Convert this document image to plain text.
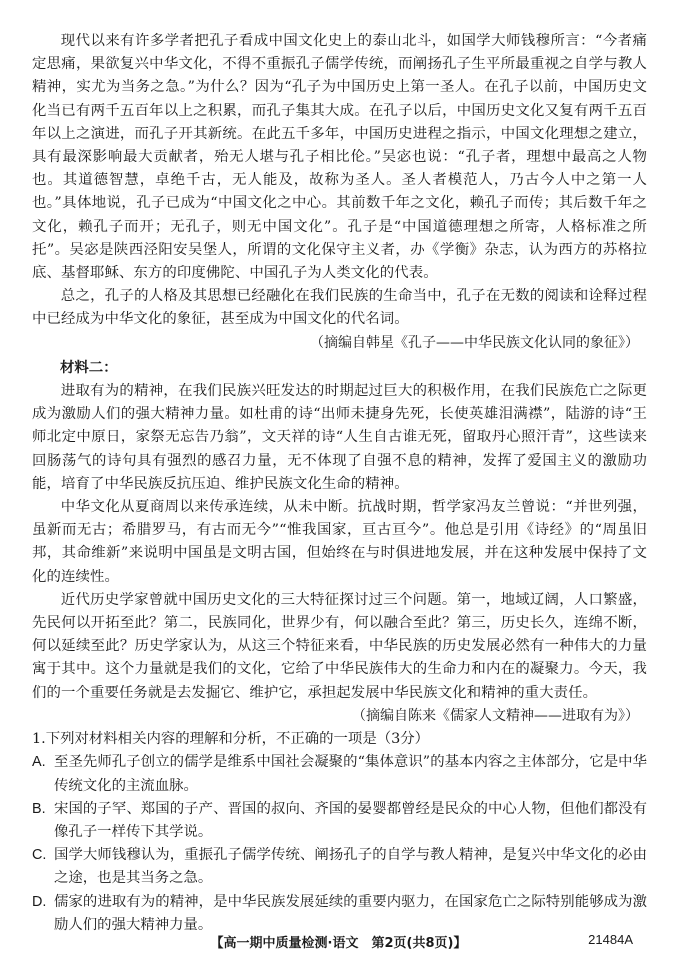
现代以来有许多学者把孔子看成中国文化史上的泰山北斗，如国学大师钱穆所言：“今者痛定思痛，果欲复兴中华文化，不得不重振孔子儒学传统，而阐扬孔子生平所最重视之自学与教人精神，实尤为当务之急。”为什么？因为“孔子为中国历史上第一圣人。在孔子以前，中国历史文化当已有两千五百年以上之积累，而孔子集其大成。在孔子以后，中国历史文化又复有两千五百年以上之演进，而孔子开其新统。在此五千多年，中国历史进程之指示，中国文化理想之建立，具有最深影响最大贡献者，殆无人堪与孔子相比伦。”吴宓也说：“孔子者，理想中最高之人物也。其道德智慧，卓绝千古，无人能及，故称为圣人。圣人者模范人，乃古今人中之第一人也。”具体地说，孔子已成为“中国文化之中心。其前数千年之文化，赖孔子而传；其后数千年之文化，赖孔子而开；无孔子，则无中国文化”。孔子是“中国道德理想之所寄，人格标准之所托”。吴宓是陕西泾阳安吴堡人，所谓的文化保守主义者，办《学衡》杂志，认为西方的苏格拉底、基督耶稣、东方的印度佛陀、中国孔子为人类文化的代表。

总之，孔子的人格及其思想已经融化在我们民族的生命当中，孔子在无数的阅读和诠释过程中已经成为中华文化的象征，甚至成为中国文化的代名词。

（摘编自韩星《孔子——中华民族文化认同的象征》）

材料二：

进取有为的精神，在我们民族兴旺发达的时期起过巨大的积极作用，在我们民族危亡之际更成为激励人们的强大精神力量。如杜甫的诗“出师未捷身先死，长使英雄泪满襟”，陆游的诗“王师北定中原日，家祭无忘告乃翁”，文天祥的诗“人生自古谁无死，留取丹心照汗青”，这些读来回肠荡气的诗句具有强烈的感召力量，无不体现了自强不息的精神，发挥了爱国主义的激励功能，培育了中华民族反抗压迫、维护民族文化生命的精神。

中华文化从夏商周以来传承连续，从未中断。抗战时期，哲学家冯友兰曾说：“并世列强，虽新而无古；希腊罗马，有古而无今”“惟我国家，亘古亘今”。他总是引用《诗经》的“周虽旧邦，其命维新”来说明中国虽是文明古国，但始终在与时俱进地发展，并在这种发展中保持了文化的连续性。

近代历史学家曾就中国历史文化的三大特征探讨过三个问题。第一，地域辽阔，人口繁盛，先民何以开拓至此？第二，民族同化，世界少有，何以融合至此？第三，历史长久，连绵不断，何以延续至此？历史学家认为，从这三个特征来看，中华民族的历史发展必然有一种伟大的力量寓于其中。这个力量就是我们的文化，它给了中华民族伟大的生命力和内在的凝聚力。今天，我们的一个重要任务就是去发掘它、维护它，承担起发展中华民族文化和精神的重大责任。

（摘编自陈来《儒家人文精神——进取有为》）

1.下列对材料相关内容的理解和分析，不正确的一项是（3分）

A. 至圣先师孔子创立的儒学是维系中国社会凝聚的“集体意识”的基本内容之主体部分，它是中华传统文化的主流血脉。
B. 宋国的子罕、郑国的子产、晋国的叔向、齐国的晏婴都曾经是民众的中心人物，但他们都没有像孔子一样传下其学说。
C. 国学大师钱穆认为，重振孔子儒学传统、阐扬孔子的自学与教人精神，是复兴中华文化的必由之途，也是其当务之急。
D. 儒家的进取有为的精神，是中华民族发展延续的重要内驱力，在国家危亡之际特别能够成为激励人们的强大精神力量。
【高一期中质量检测·语文　第2页(共8页)】	21484A
